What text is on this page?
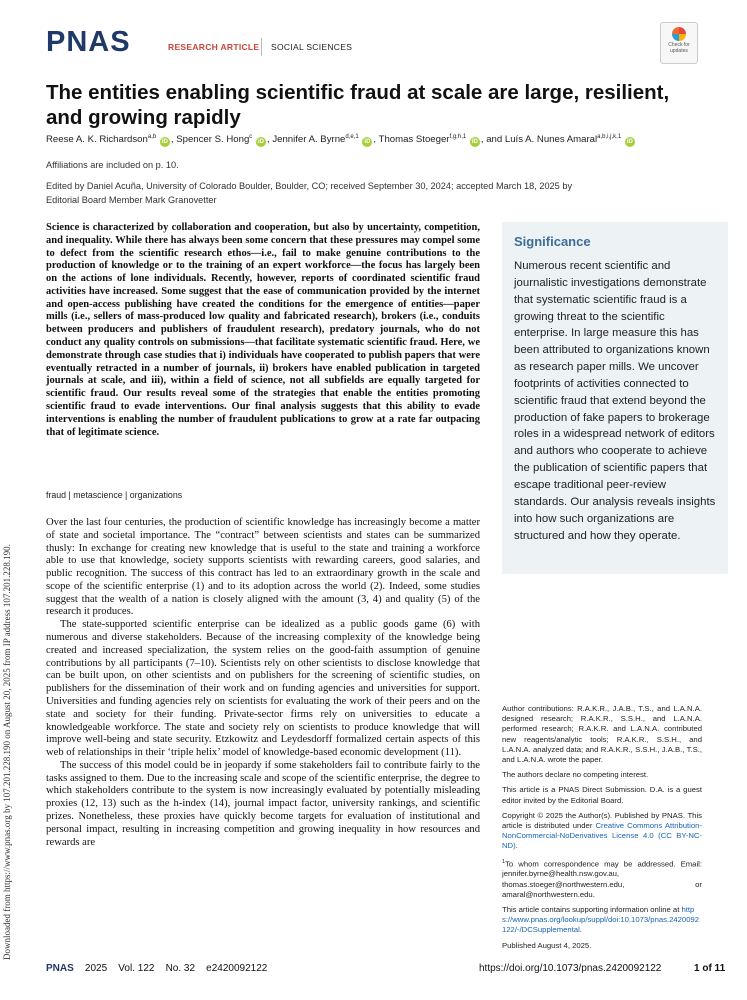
PNAS	RESEARCH ARTICLE SOCIAL SCIENCES	Check for
updates
The entities enabling scientific fraud at scale are large, resilient, and growing rapidly
Reese A. K. Richardson$^{a,b}$ iD , Spencer S. Hong$^c$ iD , Jennifer A. Byrne$^{d,e,1}$ iD , Thomas Stoeger$^{f,g,h,1}$ iD , and Luís A. Nunes Amaral$^{a,b,i,j,k,1}$ iD
Affiliations are included on p. 10.
Edited by Daniel Acuña, University of Colorado Boulder, Boulder, CO; received September 30, 2024; accepted March 18, 2025 by Editorial Board Member Mark Granovetter

Science is characterized by collaboration and cooperation, but also by uncertainty, competition, and inequality. While there has always been some concern that these pressures may compel some to defect from the scientific research ethos—i.e., fail to make genuine contributions to the production of knowledge or to the training of an expert workforce—the focus has largely been on the actions of lone individuals. Recently, however, reports of coordinated scientific fraud activities have increased. Some suggest that the ease of communication provided by the internet and open-access publishing have created the conditions for the emergence of entities—paper mills (i.e., sellers of mass-produced low quality and fabricated research), brokers (i.e., conduits between producers and publishers of fraudulent research), predatory journals, who do not conduct any quality controls on submissions—that facilitate systematic scientific fraud. Here, we demonstrate through case studies that i) individuals have cooperated to publish papers that were eventually retracted in a number of journals, ii) brokers have enabled publication in targeted journals at scale, and iii), within a field of science, not all subfields are equally targeted for scientific fraud. Our results reveal some of the strategies that enable the entities promoting scientific fraud to evade interventions. Our final analysis suggests that this ability to evade interventions is enabling the number of fraudulent publications to grow at a rate far outpacing that of legitimate science.

fraud | metascience | organizations
Significance

Numerous recent scientific and journalistic investigations demonstrate that systematic scientific fraud is a growing threat to the scientific enterprise. In large measure this has been attributed to organizations known as research paper mills. We uncover footprints of activities connected to scientific fraud that extend beyond the production of fake papers to brokerage roles in a widespread network of editors and authors who cooperate to achieve the publication of scientific papers that escape traditional peer-review standards. Our analysis reveals insights into how such organizations are structured and how they operate.

Over the last four centuries, the production of scientific knowledge has increasingly become a matter of state and societal importance. The “contract” between scientists and states can be summarized thusly: In exchange for creating new knowledge that is useful to the state and training a workforce able to use that knowledge, society supports scientists with rewarding careers, good salaries, and public recognition. The success of this contract has led to an extraordinary growth in the scale and scope of the scientific enterprise (1) and to its adoption across the world (2). Indeed, some studies suggest that the wealth of a nation is closely aligned with the amount (3, 4) and quality (5) of the research it produces.

The state-supported scientific enterprise can be idealized as a public goods game (6) with numerous and diverse stakeholders. Because of the increasing complexity of the knowledge being created and increased specialization, the system relies on the good-faith assumption of genuine contributions by all participants (7–10). Scientists rely on other scientists to disclose knowledge that can be built upon, on other scientists and on publishers for the screening of scientific studies, on publishers for the dissemination of their work and on funding agencies and universities for support. Universities and funding agencies rely on scientists for evaluating the work of their peers and on the state and society for their funding. Private-sector firms rely on universities to educate a knowledgeable workforce. The state and society rely on scientists to produce knowledge that will improve well-being and state security. Etzkowitz and Leydesdorff formalized certain aspects of this web of relationships in their ‘triple helix’ model of knowledge-based economic development (11).

The success of this model could be in jeopardy if some stakeholders fail to contribute fairly to the tasks assigned to them. Due to the increasing scale and scope of the scientific enterprise, the degree to which stakeholders contribute to the system is now increasingly evaluated by potentially misleading proxies (12, 13) such as the h-index (14), journal impact factor, university rankings, and scientific prizes. Nonetheless, these proxies have quickly become targets for evaluation of institutional and personal impact, resulting in increasing competition and growing inequality in how resources and rewards are

Author contributions: R.A.K.R., J.A.B., T.S., and L.A.N.A. designed research; R.A.K.R., S.S.H., and L.A.N.A. performed research; R.A.K.R. and L.A.N.A. contributed new reagents/analytic tools; R.A.K.R., S.S.H., and L.A.N.A. analyzed data; and R.A.K.R., S.S.H., J.A.B., T.S., and L.A.N.A. wrote the paper.

The authors declare no competing interest.

This article is a PNAS Direct Submission. D.A. is a guest editor invited by the Editorial Board.

Copyright © 2025 the Author(s). Published by PNAS. This article is distributed under Creative Commons Attribution-NonCommercial-NoDerivatives License 4.0 (CC BY-NC-ND).

$^1$To whom correspondence may be addressed. Email: jennifer.byrne@health.nsw.gov.au, thomas.stoeger@northwestern.edu, or amaral@northwestern.edu.

This article contains supporting information online at https://www.pnas.org/lookup/suppl/doi:10.1073/pnas.2420092122/-/DCSupplemental.

Published August 4, 2025.

Downloaded from https://www.pnas.org by 107.201.228.190 on August 20, 2025 from IP address 107.201.228.190.
PNAS 2025 Vol. 122 No. 32 e2420092122	https://doi.org/10.1073/pnas.2420092122	1 of 11
